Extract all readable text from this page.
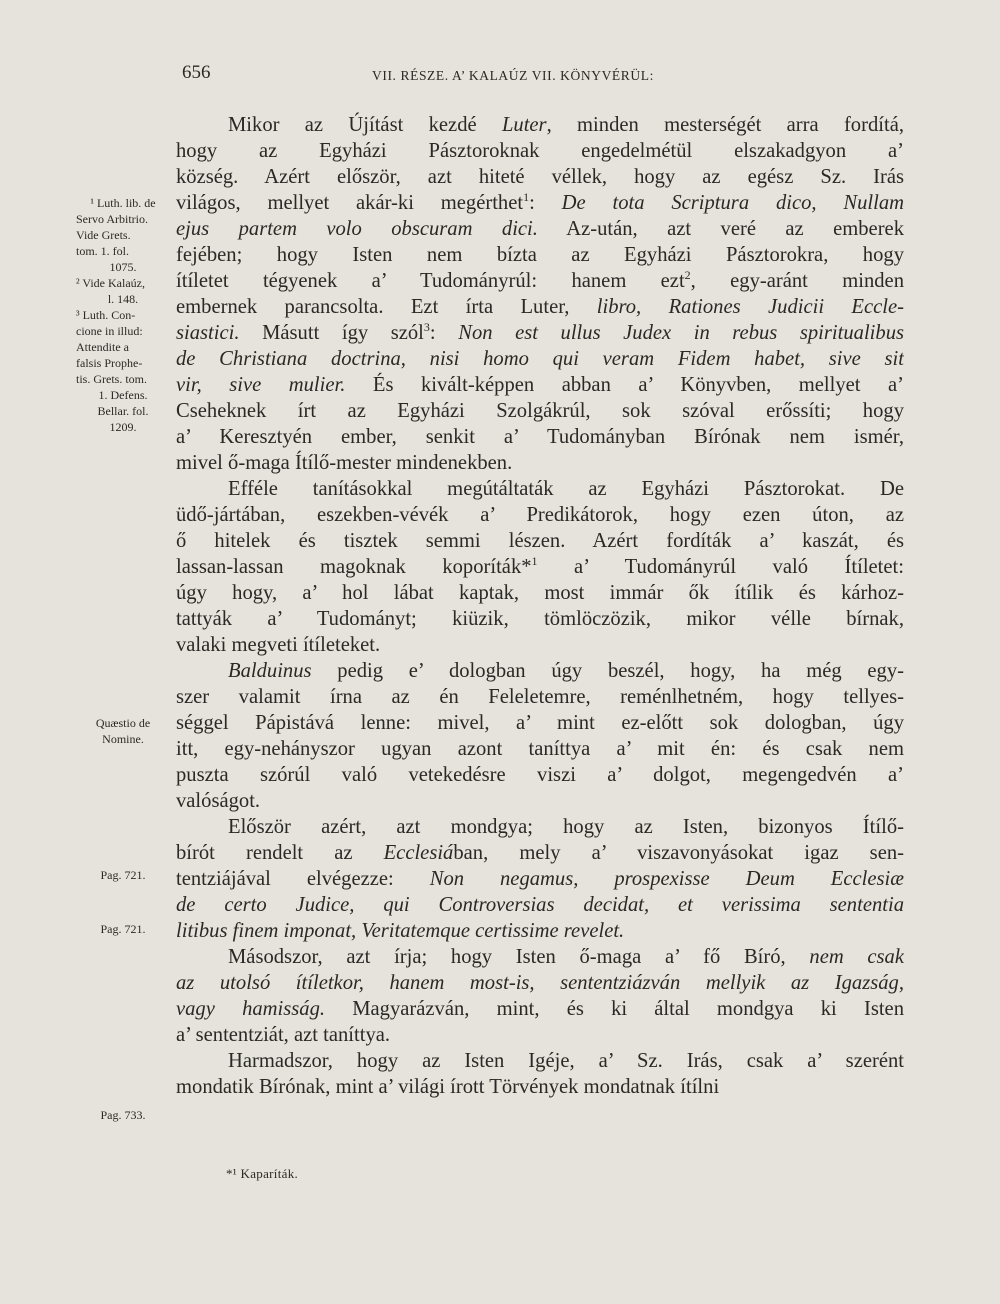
656	VII. RÉSZE. A’ KALAÚZ VII. KÖNYVÉRÜL:
Mikor az Újítást kezdé Luter, minden mesterségét arra fordítá,
hogy az Egyházi Pásztoroknak engedelmétül elszakadgyon a’
község. Azért először, azt hiteté véllek, hogy az egész Sz. Irás
világos, mellyet akár-ki megérthet$^1$: De tota Scriptura dico, Nullam
ejus partem volo obscuram dici. Az-után, azt veré az emberek
fejében; hogy Isten nem bízta az Egyházi Pásztorokra, hogy
ítíletet tégyenek a’ Tudományrúl: hanem ezt$^2$, egy-aránt minden
embernek parancsolta. Ezt írta Luter, libro, Rationes Judicii Eccle-
siastici. Másutt így szól$^3$: Non est ullus Judex in rebus spiritualibus
de Christiana doctrina, nisi homo qui veram Fidem habet, sive sit
vir, sive mulier. És kivált-képpen abban a’ Könyvben, mellyet a’
Cseheknek írt az Egyházi Szolgákrúl, sok szóval erőssíti; hogy
a’ Keresztyén ember, senkit a’ Tudományban Bírónak nem ismér,
mivel ő-maga Ítílő-mester mindenekben.
Efféle tanításokkal megútáltaták az Egyházi Pásztorokat. De
üdő-jártában, eszekben-vévék a’ Predikátorok, hogy ezen úton, az
ő hitelek és tisztek semmi lészen. Azért fordíták a’ kaszát, és
lassan-lassan magoknak koporíták*$^1$ a’ Tudományrúl való Ítíletet:
úgy hogy, a’ hol lábat kaptak, most immár ők ítílik és kárhoz-
tattyák a’ Tudományt; kiüzik, tömlöczözik, mikor vélle bírnak,
valaki megveti ítíleteket.
Balduinus pedig e’ dologban úgy beszél, hogy, ha még egy-
szer valamit írna az én Feleletemre, reménlhetném, hogy tellyes-
séggel Pápistává lenne: mivel, a’ mint ez-előtt sok dologban, úgy
itt, egy-nehányszor ugyan azont taníttya a’ mit én: és csak nem
puszta szórúl való vetekedésre viszi a’ dolgot, megengedvén a’
valóságot.
Először azért, azt mondgya; hogy az Isten, bizonyos Ítílő-
bírót rendelt az Ecclesiában, mely a’ viszavonyásokat igaz sen-
tentziájával elvégezze: Non negamus, prospexisse Deum Ecclesiæ
de certo Judice, qui Controversias decidat, et verissima sententia
litibus finem imponat, Veritatemque certissime revelet.
Másodszor, azt írja; hogy Isten ő-maga a’ fő Bíró, nem csak
az utolsó ítíletkor, hanem most-is, sententziázván mellyik az Igazság,
vagy hamisság. Magyarázván, mint, és ki által mondgya ki Isten
a’ sententziát, azt taníttya.
Harmadszor, hogy az Isten Igéje, a’ Sz. Irás, csak a’ szerént
mondatik Bírónak, mint a’ világi írott Törvények mondatnak ítílni
¹ Luth. lib. de
Servo Arbitrio.
Vide Grets.
tom. 1. fol.
1075.
² Vide Kalaúz,
l. 148.
³ Luth. Con-
cione in illud:
Attendite a
falsis Prophe-
tis. Grets. tom.
1. Defens.
Bellar. fol.
1209.
Quæstio de
Nomine.
Pag. 721.
Pag. 721.
Pag. 733.
*¹ Kaparíták.
